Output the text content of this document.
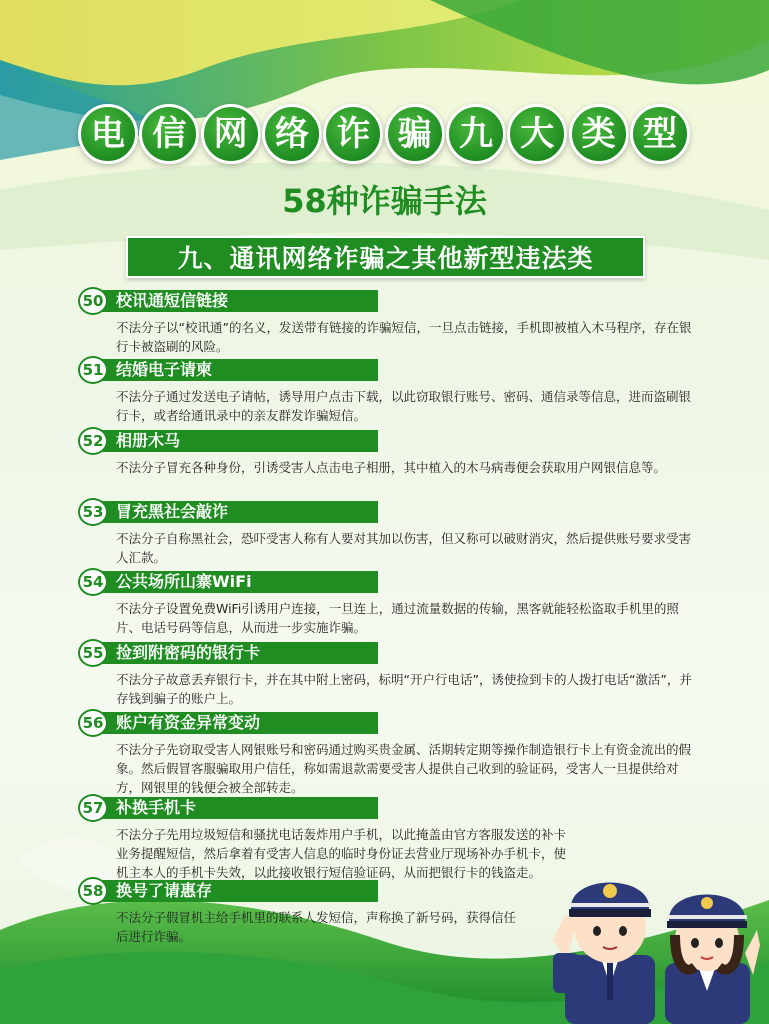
电 信 网 络 诈 骗 九 大 类 型
58种诈骗手法
九、通讯网络诈骗之其他新型违法类
50 校讯通短信链接
不法分子以“校讯通”的名义，发送带有链接的诈骗短信，一旦点击链接，手机即被植入木马程序，存在银行卡被盗刷的风险。
51 结婚电子请柬
不法分子通过发送电子请帖，诱导用户点击下载，以此窃取银行账号、密码、通信录等信息，进而盗刷银行卡，或者给通讯录中的亲友群发诈骗短信。
52 相册木马
不法分子冒充各种身份，引诱受害人点击电子相册，其中植入的木马病毒便会获取用户网银信息等。
53 冒充黑社会敲诈
不法分子自称黑社会，恐吓受害人称有人要对其加以伤害，但又称可以破财消灾，然后提供账号要求受害人汇款。
54 公共场所山寨WiFi
不法分子设置免费WiFi引诱用户连接，一旦连上，通过流量数据的传输，黑客就能轻松盗取手机里的照片、电话号码等信息，从而进一步实施诈骗。
55 捡到附密码的银行卡
不法分子故意丢弃银行卡，并在其中附上密码，标明“开户行电话”，诱使捡到卡的人拨打电话“激活”，并存钱到骗子的账户上。
56 账户有资金异常变动
不法分子先窃取受害人网银账号和密码通过购买贵金属、活期转定期等操作制造银行卡上有资金流出的假象。然后假冒客服骗取用户信任，称如需退款需要受害人提供自己收到的验证码，受害人一旦提供给对方，网银里的钱便会被全部转走。
57 补换手机卡
不法分子先用垃圾短信和骚扰电话轰炸用户手机，以此掩盖由官方客服发送的补卡业务提醒短信，然后拿着有受害人信息的临时身份证去营业厅现场补办手机卡，使机主本人的手机卡失效，以此接收银行短信验证码，从而把银行卡的钱盗走。
58 换号了请惠存
不法分子假冒机主给手机里的联系人发短信，声称换了新号码，获得信任后进行诈骗。
